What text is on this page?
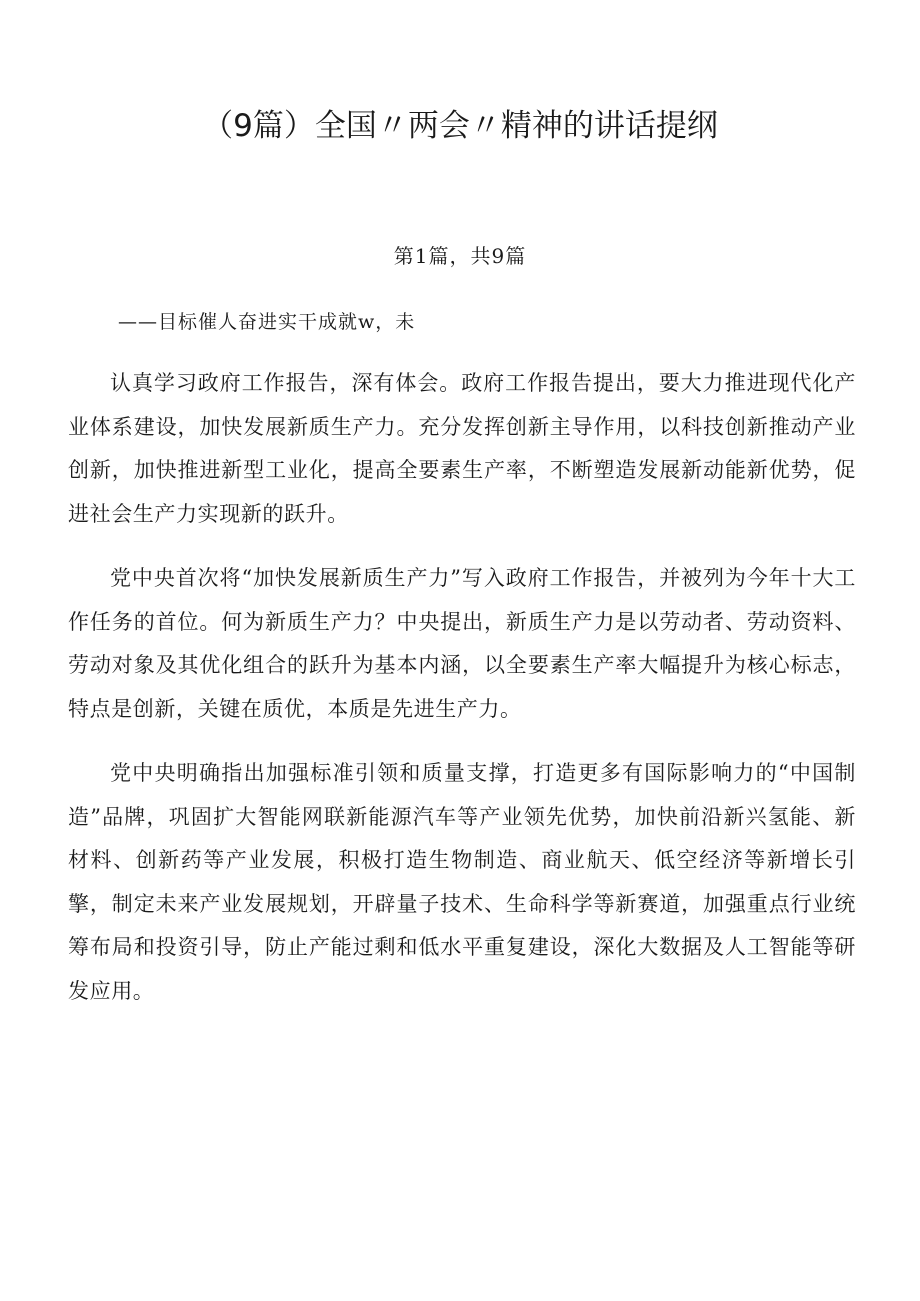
（9篇）全国〃两会〃精神的讲话提纲
第1篇，共9篇
——目标催人奋进实干成就w，未

认真学习政府工作报告，深有体会。政府工作报告提出，要大力推进现代化产业体系建设，加快发展新质生产力。充分发挥创新主导作用，以科技创新推动产业创新，加快推进新型工业化，提高全要素生产率，不断塑造发展新动能新优势，促进社会生产力实现新的跃升。

党中央首次将“加快发展新质生产力”写入政府工作报告，并被列为今年十大工作任务的首位。何为新质生产力？中央提出，新质生产力是以劳动者、劳动资料、劳动对象及其优化组合的跃升为基本内涵，以全要素生产率大幅提升为核心标志，特点是创新，关键在质优，本质是先进生产力。

党中央明确指出加强标准引领和质量支撑，打造更多有国际影响力的“中国制造”品牌，巩固扩大智能网联新能源汽车等产业领先优势，加快前沿新兴氢能、新材料、创新药等产业发展，积极打造生物制造、商业航天、低空经济等新增长引擎，制定未来产业发展规划，开辟量子技术、生命科学等新赛道，加强重点行业统筹布局和投资引导，防止产能过剩和低水平重复建设，深化大数据及人工智能等研发应用。
